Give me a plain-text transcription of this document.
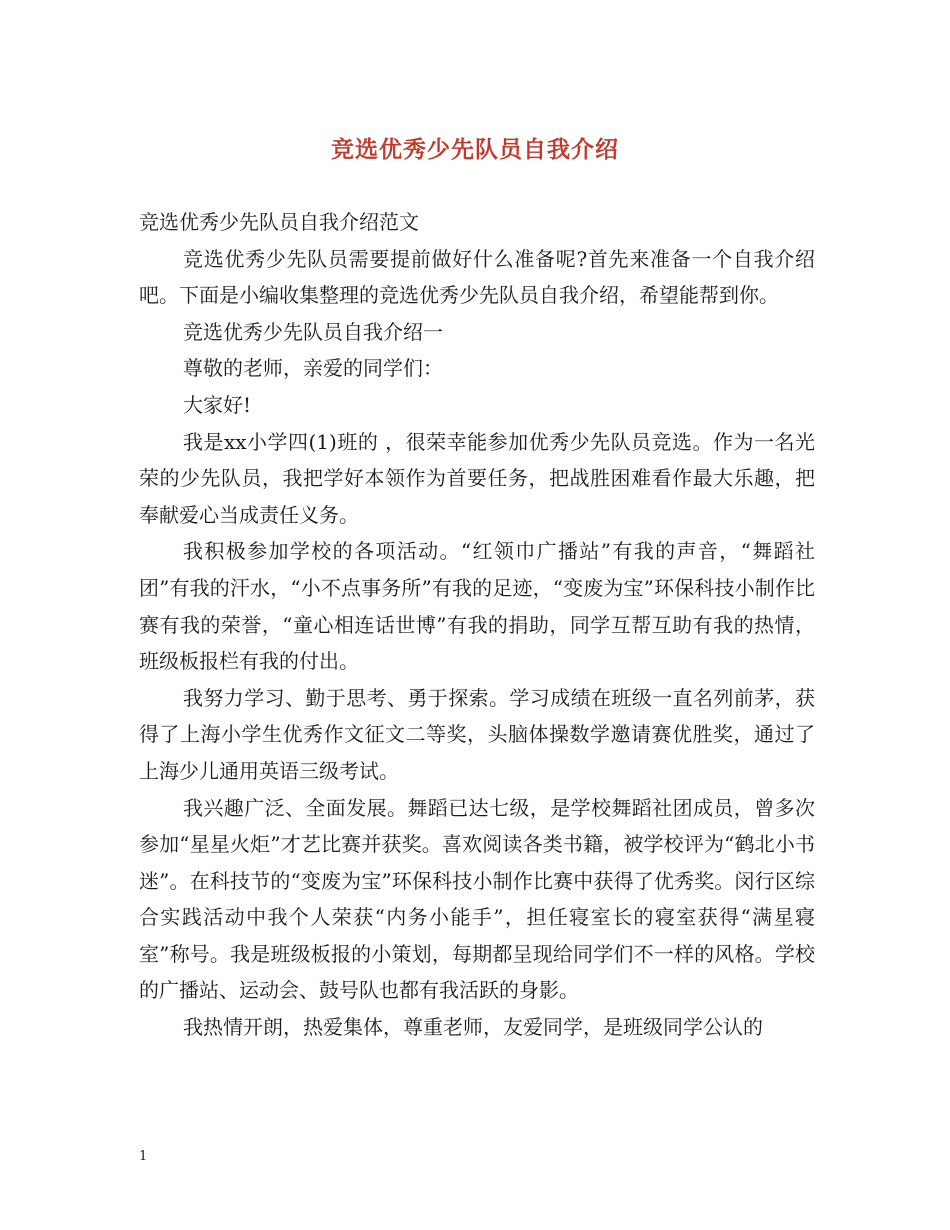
竞选优秀少先队员自我介绍

竞选优秀少先队员自我介绍范文

竞选优秀少先队员需要提前做好什么准备呢?首先来准备一个自我介绍吧。下面是小编收集整理的竞选优秀少先队员自我介绍，希望能帮到你。

竞选优秀少先队员自我介绍一

尊敬的老师，亲爱的同学们：

大家好!

我是xx小学四(1)班的 ，很荣幸能参加优秀少先队员竞选。作为一名光荣的少先队员，我把学好本领作为首要任务，把战胜困难看作最大乐趣，把奉献爱心当成责任义务。

我积极参加学校的各项活动。“红领巾广播站”有我的声音，“舞蹈社团”有我的汗水，“小不点事务所”有我的足迹，“变废为宝”环保科技小制作比赛有我的荣誉，“童心相连话世博”有我的捐助，同学互帮互助有我的热情，班级板报栏有我的付出。

我努力学习、勤于思考、勇于探索。学习成绩在班级一直名列前茅，获得了上海小学生优秀作文征文二等奖，头脑体操数学邀请赛优胜奖，通过了上海少儿通用英语三级考试。

我兴趣广泛、全面发展。舞蹈已达七级，是学校舞蹈社团成员，曾多次参加“星星火炬”才艺比赛并获奖。喜欢阅读各类书籍，被学校评为“鹤北小书迷”。在科技节的“变废为宝”环保科技小制作比赛中获得了优秀奖。闵行区综合实践活动中我个人荣获“内务小能手”，担任寝室长的寝室获得“满星寝室”称号。我是班级板报的小策划，每期都呈现给同学们不一样的风格。学校的广播站、运动会、鼓号队也都有我活跃的身影。

我热情开朗，热爱集体，尊重老师，友爱同学，是班级同学公认的

1
